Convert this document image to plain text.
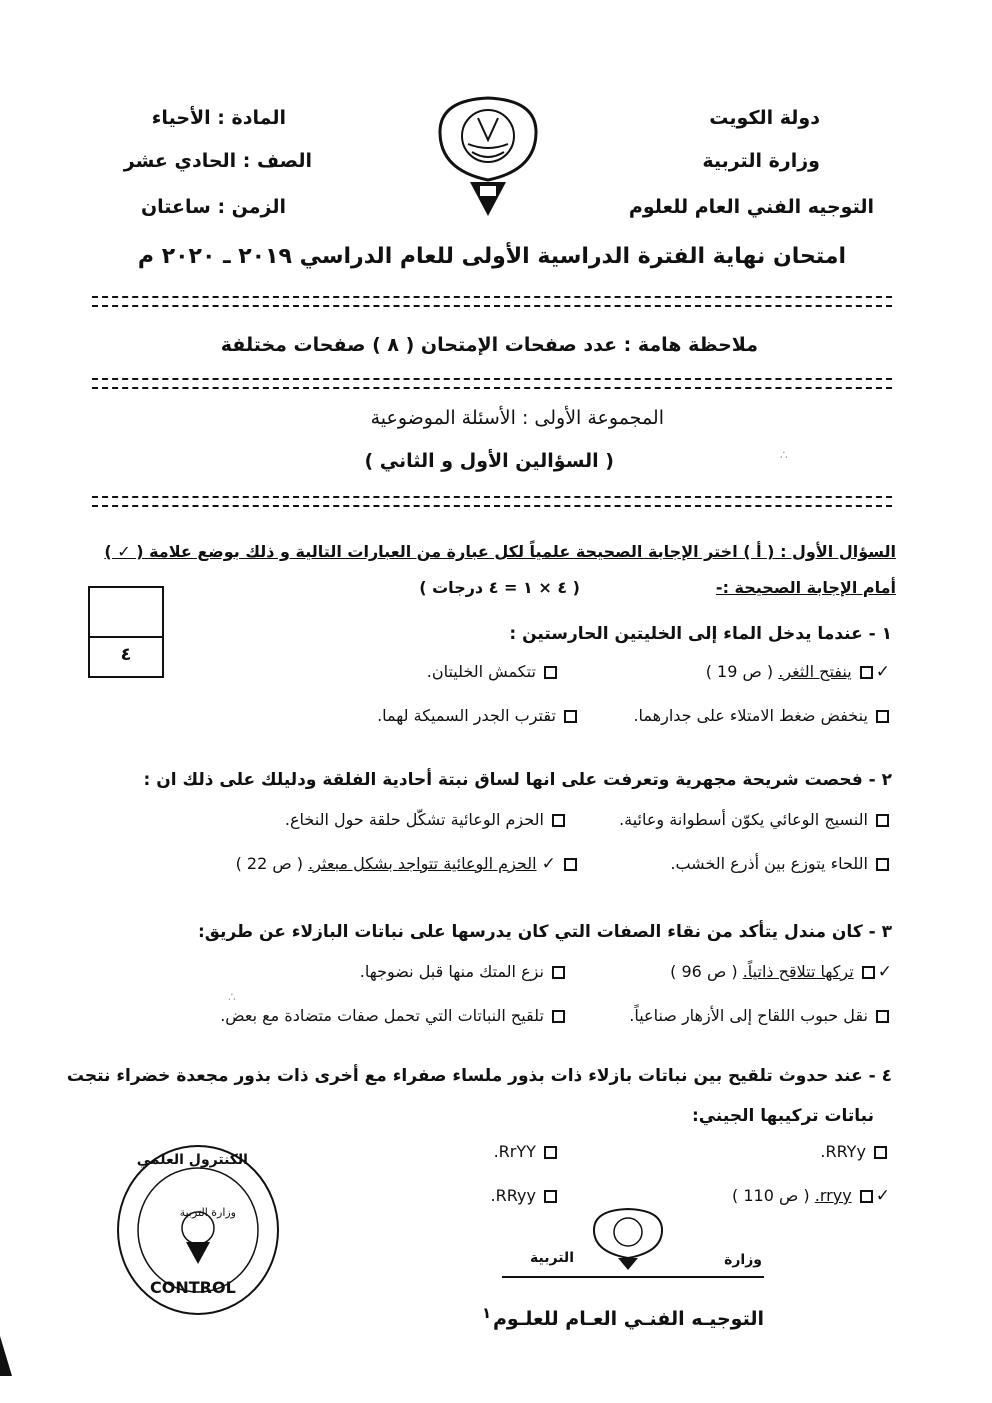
دولة الكويت
وزارة التربية
التوجيه الفني العام للعلوم
المادة : الأحياء
الصف : الحادي عشر
الزمن : ساعتان
امتحان نهاية الفترة الدراسية الأولى للعام الدراسي ٢٠١٩ ـ ٢٠٢٠ م
ملاحظة هامة : عدد صفحات الإمتحان ( ٨ ) صفحات مختلفة
المجموعة الأولى : الأسئلة الموضوعية
( السؤالين الأول و الثاني )	∴
السؤال الأول : ( أ ) اختر الإجابة الصحيحة علمياً لكل عبارة من العبارات التالية و ذلك بوضع علامة ( ✓ )
أمام الإجابة الصحيحة :-
( ٤ × ١ = ٤ درجات )
٤
١ - عندما يدخل الماء إلى الخليتين الحارستين :
✓ ينفتح الثغر. ( ص 19 )
تتكمش الخليتان.
ينخفض ضغط الامتلاء على جدارهما.
تقترب الجدر السميكة لهما.
٢ - فحصت شريحة مجهرية وتعرفت على انها لساق نبتة أحادية الفلقة ودليلك على ذلك ان :
النسيج الوعائي يكوّن أسطوانة وعائية.
الحزم الوعائية تشكّل حلقة حول النخاع.
اللحاء يتوزع بين أذرع الخشب.
✓ الحزم الوعائية تتواجد بشكل مبعثر. ( ص 22 )
٣ - كان مندل يتأكد من نقاء الصفات التي كان يدرسها على نباتات البازلاء عن طريق:
✓ تركها تتلاقح ذاتياً. ( ص 96 )
نزع المتك منها قبل نضوجها.
نقل حبوب اللقاح إلى الأزهار صناعياً.
تلقيح النباتات التي تحمل صفات متضادة مع بعض.
∴
٤ - عند حدوث تلقيح بين نباتات بازلاء ذات بذور ملساء صفراء مع أخرى ذات بذور مجعدة خضراء نتجت
نباتات تركيبها الجيني:
RRYy.
RrYY.
✓ rryy. ( ص 110 )
RRyy.
الكنترول العلمي
وزارة التربية
CONTROL
وزارة
التربية
التوجيـه الفنـي العـام للعلـوم
١
